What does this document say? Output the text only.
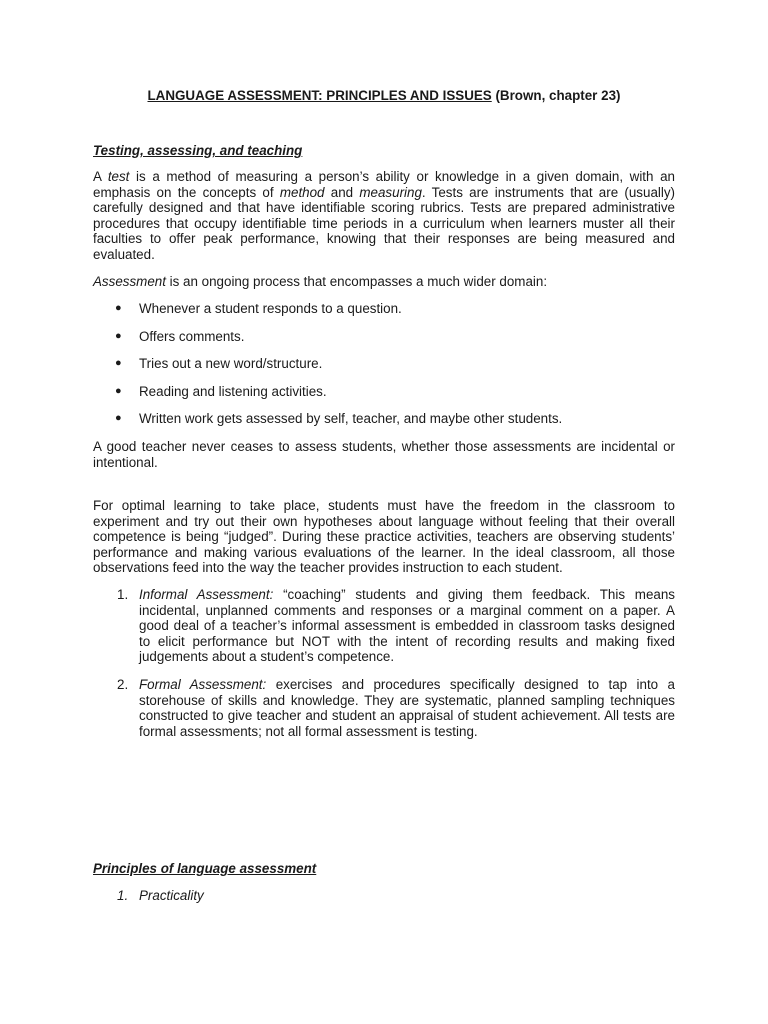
LANGUAGE ASSESSMENT: PRINCIPLES AND ISSUES (Brown, chapter 23)
Testing, assessing, and teaching

A test is a method of measuring a person’s ability or knowledge in a given domain, with an emphasis on the concepts of method and measuring. Tests are instruments that are (usually) carefully designed and that have identifiable scoring rubrics. Tests are prepared administrative procedures that occupy identifiable time periods in a curriculum when learners muster all their faculties to offer peak performance, knowing that their responses are being measured and evaluated.

Assessment is an ongoing process that encompasses a much wider domain:

● Whenever a student responds to a question.
● Offers comments.
● Tries out a new word/structure.
● Reading and listening activities.
● Written work gets assessed by self, teacher, and maybe other students.

A good teacher never ceases to assess students, whether those assessments are incidental or intentional.

For optimal learning to take place, students must have the freedom in the classroom to experiment and try out their own hypotheses about language without feeling that their overall competence is being “judged”. During these practice activities, teachers are observing students’ performance and making various evaluations of the learner. In the ideal classroom, all those observations feed into the way the teacher provides instruction to each student.

1. Informal Assessment: “coaching” students and giving them feedback. This means incidental, unplanned comments and responses or a marginal comment on a paper. A good deal of a teacher’s informal assessment is embedded in classroom tasks designed to elicit performance but NOT with the intent of recording results and making fixed judgements about a student’s competence.
2. Formal Assessment: exercises and procedures specifically designed to tap into a storehouse of skills and knowledge. They are systematic, planned sampling techniques constructed to give teacher and student an appraisal of student achievement. All tests are formal assessments; not all formal assessment is testing.
Principles of language assessment
1. Practicality
